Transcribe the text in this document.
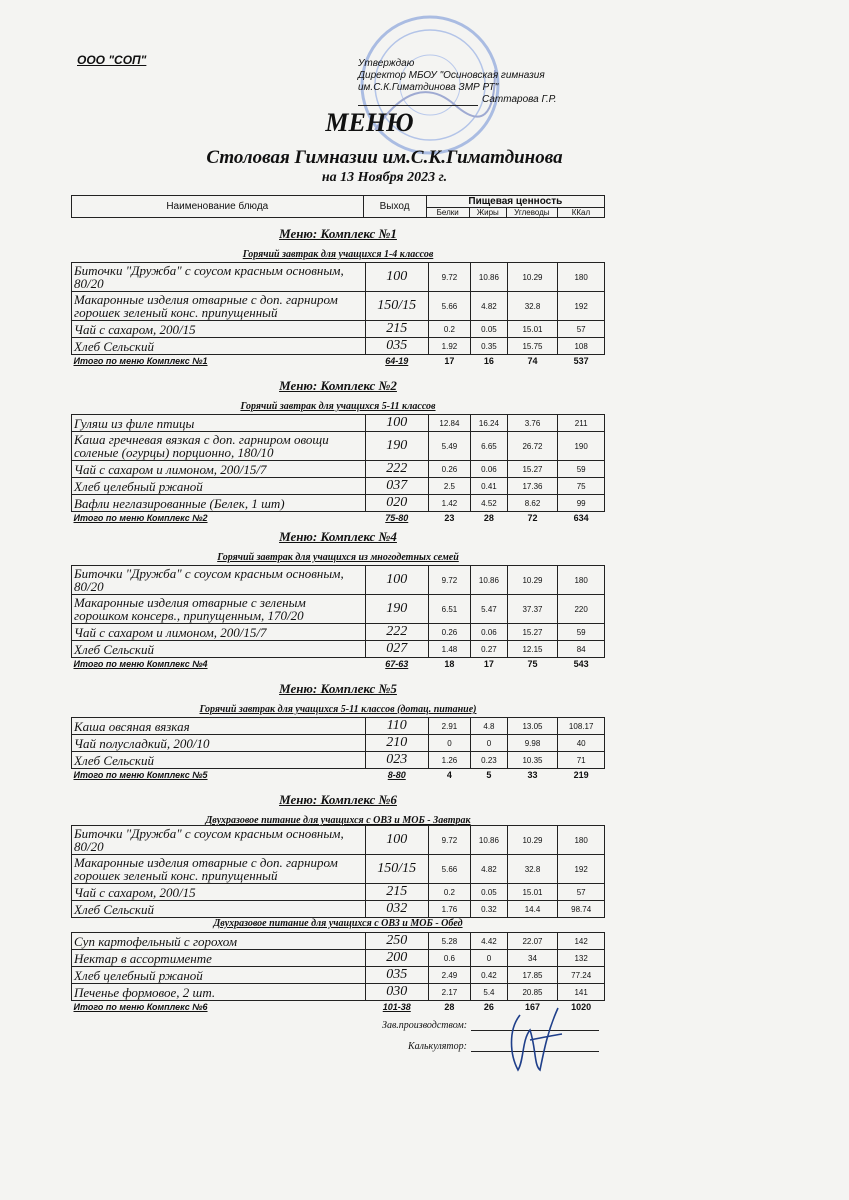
ООО "СОП"	Утверждаю
Директор МБОУ "Осиновская гимназия
им.С.К.Гиматдинова ЗМР РТ"
Саттарова Г.Р.
МЕНЮ
Столовая Гимназии им.С.К.Гиматдинова
на 13 Ноября 2023 г.
Наименование блюда	Выход	Пищевая ценность			
		Белки	Жиры	Углеводы	ККал
Меню: Комплекс №1
Горячий завтрак для учащихся 1-4 классов
Биточки "Дружба" с соусом красным основным, 80/20	100	9.72	10.86	10.29	180
Макаронные изделия отварные с доп. гарниром горошек зеленый конс. припущенный	150/15	5.66	4.82	32.8	192
Чай с сахаром, 200/15	215	0.2	0.05	15.01	57
Хлеб Сельский	035	1.92	0.35	15.75	108
Итого по меню Комплекс №1	64-19	17	16	74	537
Меню: Комплекс №2
Горячий завтрак для учащихся 5-11 классов
Гуляш из филе птицы	100	12.84	16.24	3.76	211
Каша гречневая вязкая с доп. гарниром овощи соленые (огурцы) порционно, 180/10	190	5.49	6.65	26.72	190
Чай с сахаром и лимоном, 200/15/7	222	0.26	0.06	15.27	59
Хлеб целебный ржаной	037	2.5	0.41	17.36	75
Вафли неглазированные (Белек, 1 шт)	020	1.42	4.52	8.62	99
Итого по меню Комплекс №2	75-80	23	28	72	634
Меню: Комплекс №4
Горячий завтрак для учащихся из многодетных семей
Биточки "Дружба" с соусом красным основным, 80/20	100	9.72	10.86	10.29	180
Макаронные изделия отварные с зеленым горошком консерв., припущенным, 170/20	190	6.51	5.47	37.37	220
Чай с сахаром и лимоном, 200/15/7	222	0.26	0.06	15.27	59
Хлеб Сельский	027	1.48	0.27	12.15	84
Итого по меню Комплекс №4	67-63	18	17	75	543
Меню: Комплекс №5
Горячий завтрак для учащихся 5-11 классов (дотац. питание)
Каша овсяная вязкая	110	2.91	4.8	13.05	108.17
Чай полусладкий, 200/10	210	0	0	9.98	40
Хлеб Сельский	023	1.26	0.23	10.35	71
Итого по меню Комплекс №5	8-80	4	5	33	219
Меню: Комплекс №6
Двухразовое питание для учащихся с ОВЗ и МОБ - Завтрак
Биточки "Дружба" с соусом красным основным, 80/20	100	9.72	10.86	10.29	180
Макаронные изделия отварные с доп. гарниром горошек зеленый конс. припущенный	150/15	5.66	4.82	32.8	192
Чай с сахаром, 200/15	215	0.2	0.05	15.01	57
Хлеб Сельский	032	1.76	0.32	14.4	98.74
Двухразовое питание для учащихся с ОВЗ и МОБ - Обед
Суп картофельный с горохом	250	5.28	4.42	22.07	142
Нектар в ассортименте	200	0.6	0	34	132
Хлеб целебный ржаной	035	2.49	0.42	17.85	77.24
Печенье формовое, 2 шт.	030	2.17	5.4	20.85	141
Итого по меню Комплекс №6	101-38	28	26	167	1020
Зав.производством:
Калькулятор:
